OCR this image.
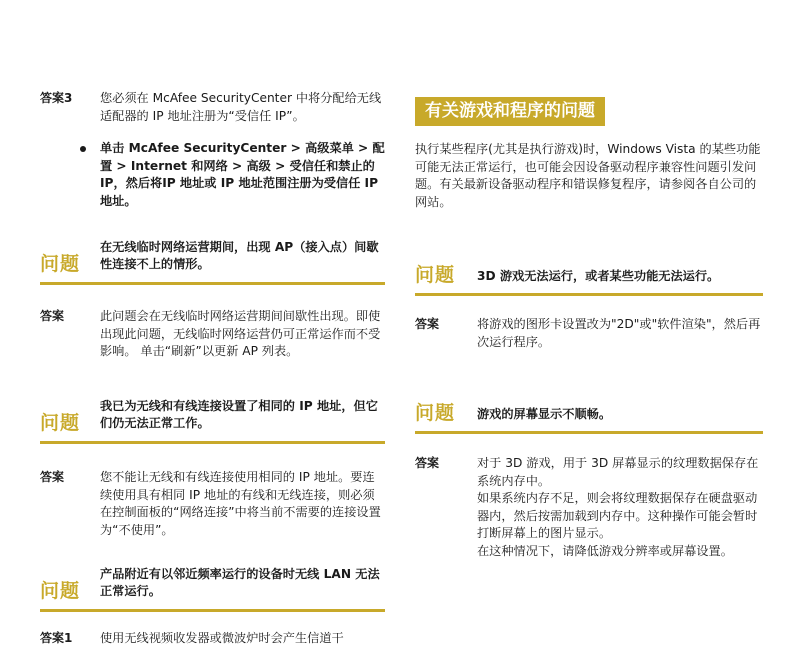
答案3 您必须在 McAfee SecurityCenter 中将分配给无线适配器的 IP 地址注册为“受信任 IP”。
单击 McAfee SecurityCenter > 高级菜单 > 配置 > Internet 和网络 > 高级 > 受信任和禁止的 IP，然后将IP 地址或 IP 地址范围注册为受信任 IP 地址。
问题
在无线临时网络运营期间，出现 AP（接入点）间歇性连接不上的情形。
答案	此问题会在无线临时网络运营期间间歇性出现。即使出现此问题，无线临时网络运营仍可正常运作而不受影响。 单击“刷新”以更新 AP 列表。
问题
我已为无线和有线连接设置了相同的 IP 地址，但它们仍无法正常工作。
答案	您不能让无线和有线连接使用相同的 IP 地址。要连续使用具有相同 IP 地址的有线和无线连接，则必须在控制面板的“网络连接”中将当前不需要的连接设置为“不使用”。
问题
产品附近有以邻近频率运行的设备时无线 LAN 无法正常运行。
答案1 使用无线视频收发器或微波炉时会产生信道干
有关游戏和程序的问题
执行某些程序(尤其是执行游戏)时，Windows Vista 的某些功能可能无法正常运行，也可能会因设备驱动程序兼容性问题引发问题。有关最新设备驱动程序和错误修复程序，请参阅各自公司的网站。
问题 3D 游戏无法运行，或者某些功能无法运行。
答案	将游戏的图形卡设置改为"2D"或"软件渲染"，然后再次运行程序。
问题 游戏的屏幕显示不顺畅。
答案	对于 3D 游戏，用于 3D 屏幕显示的纹理数据保存在系统内存中。
如果系统内存不足，则会将纹理数据保存在硬盘驱动器内，然后按需加载到内存中。这种操作可能会暂时打断屏幕上的图片显示。
在这种情况下，请降低游戏分辨率或屏幕设置。
